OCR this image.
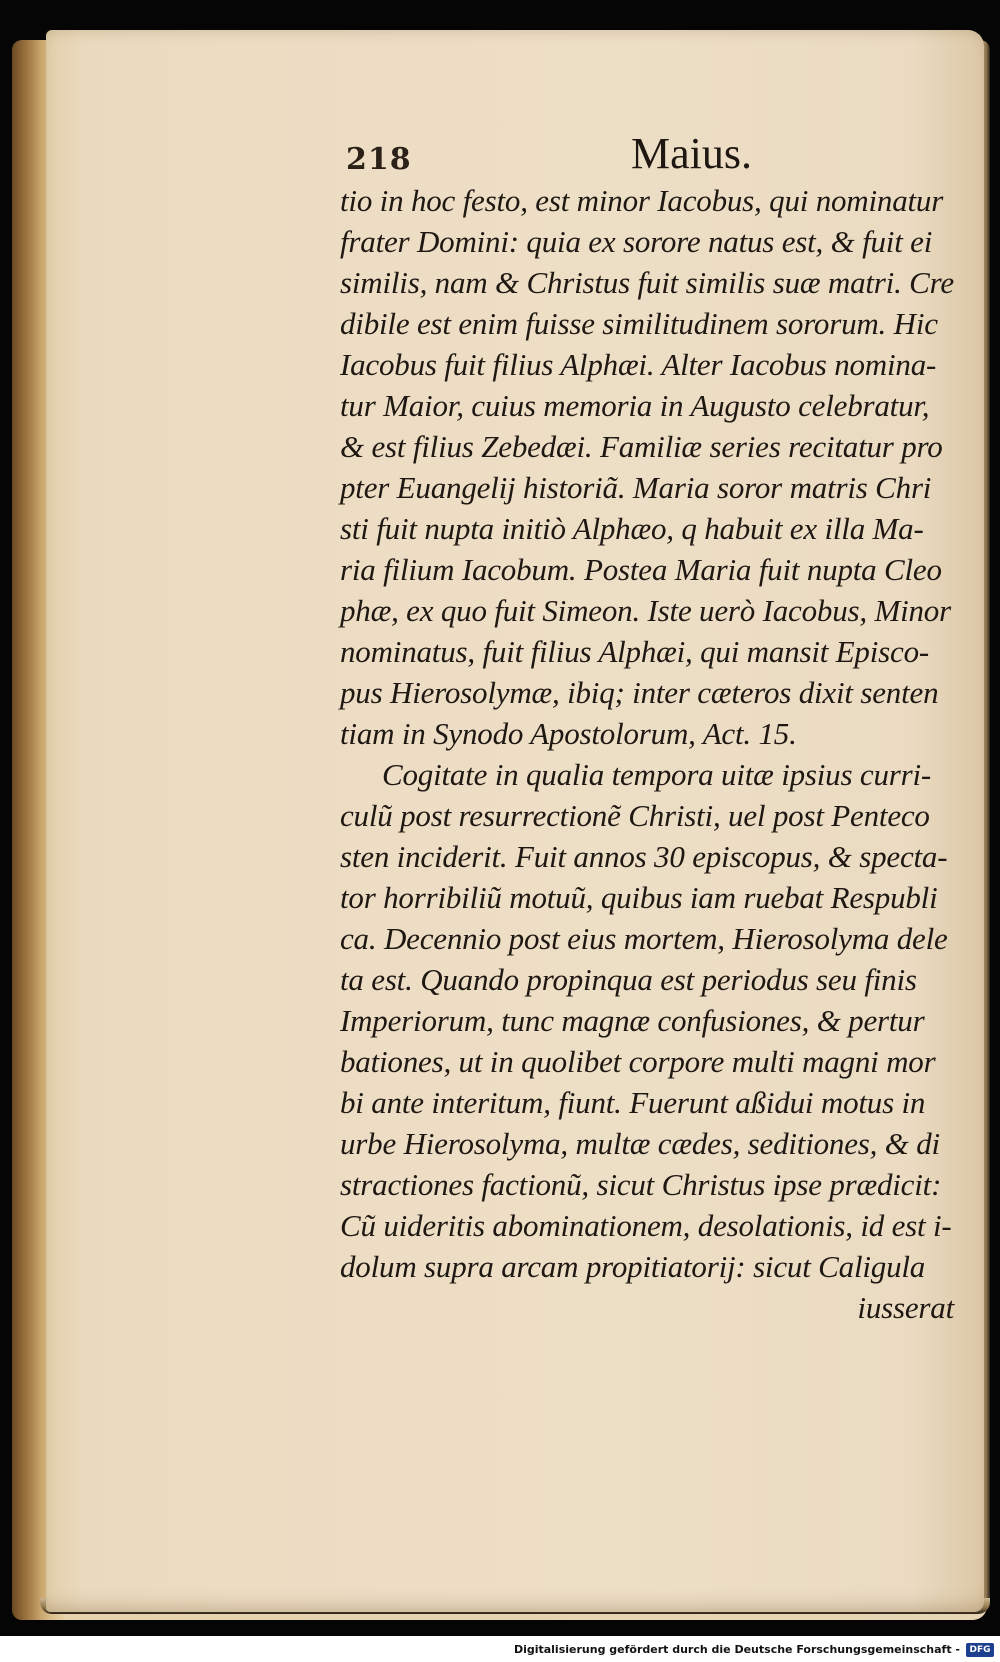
218	Maius.
tio in hoc festo, est minor Iacobus, qui nominatur
frater Domini: quia ex sorore natus est, & fuit ei
similis, nam & Christus fuit similis suæ matri. Cre
dibile est enim fuisse similitudinem sororum. Hic
Iacobus fuit filius Alphæi. Alter Iacobus nomina-
tur Maior, cuius memoria in Augusto celebratur,
& est filius Zebedæi. Familiæ series recitatur pro
pter Euangelij historiã. Maria soror matris Chri
sti fuit nupta initiò Alphæo, q habuit ex illa Ma-
ria filium Iacobum. Postea Maria fuit nupta Cleo
phæ, ex quo fuit Simeon. Iste uerò Iacobus, Minor
nominatus, fuit filius Alphæi, qui mansit Episco-
pus Hierosolymæ, ibiq; inter cæteros dixit senten
tiam in Synodo Apostolorum, Act. 15.
Cogitate in qualia tempora uitæ ipsius curri-
culũ post resurrectionẽ Christi, uel post Penteco
sten inciderit. Fuit annos 30 episcopus, & specta-
tor horribiliũ motuũ, quibus iam ruebat Respubli
ca. Decennio post eius mortem, Hierosolyma dele
ta est. Quando propinqua est periodus seu finis
Imperiorum, tunc magnæ confusiones, & pertur
bationes, ut in quolibet corpore multi magni mor
bi ante interitum, fiunt. Fuerunt aßidui motus in
urbe Hierosolyma, multæ cædes, seditiones, & di
stractiones factionũ, sicut Christus ipse prædicit:
Cũ uideritis abominationem, desolationis, id est i-
dolum supra arcam propitiatorij: sicut Caligula
iusserat
Digitalisierung gefördert durch die Deutsche Forschungsgemeinschaft -	DFG
